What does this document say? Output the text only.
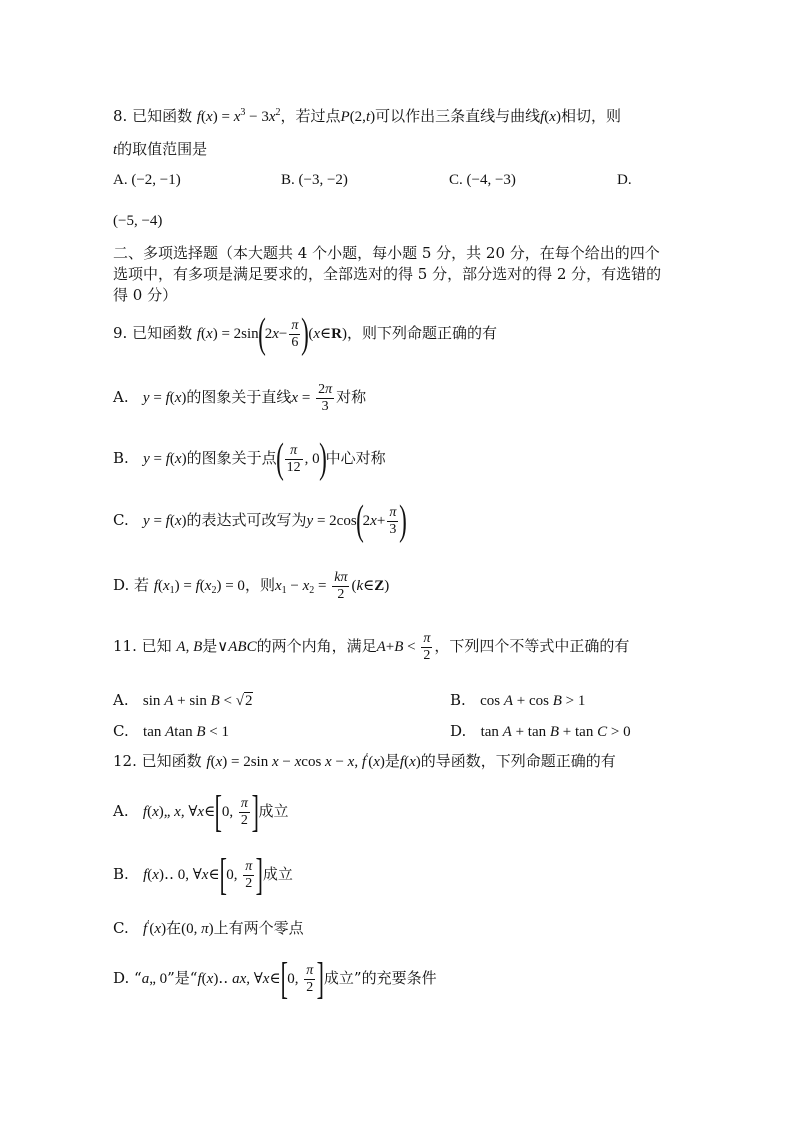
8. 已知函数 $f(x) = x^3 - 3x^2$，若过点P(2,t)可以作出三条直线与曲线f(x)相切，则
t的取值范围是
A. (−2, −1)	B. (−3, −2)	C. (−4, −3)	D.
(−5, −4)
二、多项选择题（本大题共 4 个小题，每小题 5 分，共 20 分，在每个给出的四个
选项中，有多项是满足要求的，全部选对的得 5 分，部分选对的得 2 分，有选错的
得 0 分）
9. 已知函数 $f(x) = 2\sin(2x- \frac{\pi}{6}$ )(x∈R)，则下列命题正确的有
A. y = f(x)的图象关于直线$x = \frac{2\pi}{3}$ 对称
B. y = f(x)的图象关于点( $\frac{\pi}{12}$ , 0)中心对称
C. y = f(x)的表达式可改写为$y = 2\cos(2x+ \frac{\pi}{3}$ )
D. 若 $f(x_1) = f(x_2) = 0$，则$x_1 - x_2 = \frac{k\pi}{2}$ (k∈Z)
11. 已知 A, B是∨ABC的两个内角，满足$A+B < \frac{\pi}{2}$ ，下列四个不等式中正确的有
A. sin A + sin B < √2	B. cos A + cos B > 1
C. tan Atan B < 1	D. tan A + tan B + tan C > 0
12. 已知函数 f(x) = 2sin x − xcos x − x, f′(x)是f(x)的导函数，下列命题正确的有
A. f(x)„ x, ∀x∈[0, $\frac{\pi}{2}$ ]成立
B. f(x)‥ 0, ∀x∈[0, $\frac{\pi}{2}$ ]成立
C. f′(x)在(0, π)上有两个零点
D. “a„ 0”是“f(x)‥ ax, ∀x∈[0, $\frac{\pi}{2}$ ]成立”的充要条件
